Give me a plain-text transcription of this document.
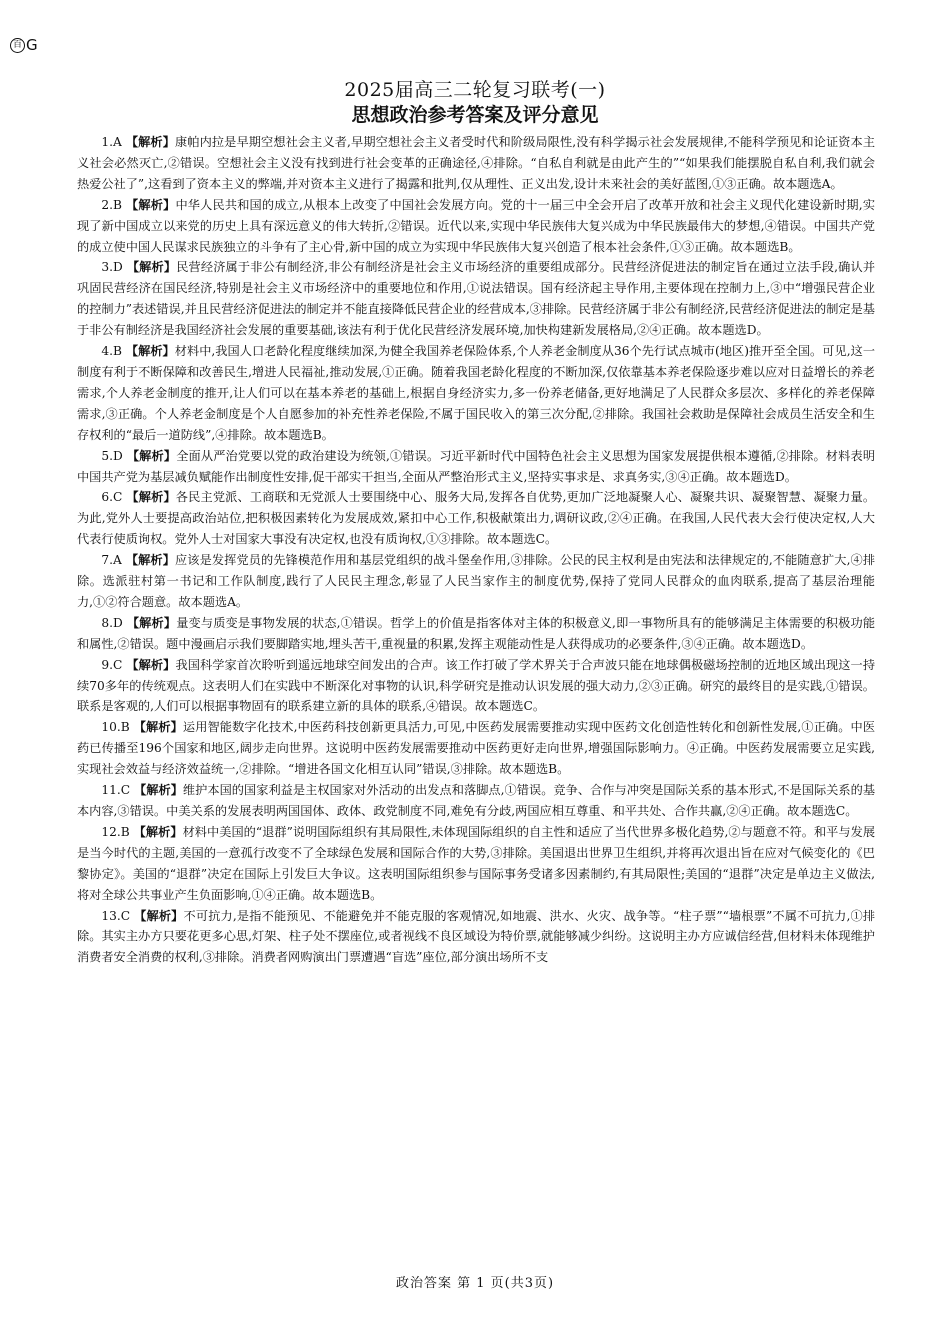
百 G
2025届高三二轮复习联考(一)
思想政治参考答案及评分意见

1.A 【解析】康帕内拉是早期空想社会主义者,早期空想社会主义者受时代和阶级局限性,没有科学揭示社会发展规律,不能科学预见和论证资本主义社会必然灭亡,②错误。空想社会主义没有找到进行社会变革的正确途径,④排除。“自私自利就是由此产生的”“如果我们能摆脱自私自利,我们就会热爱公社了”,这看到了资本主义的弊端,并对资本主义进行了揭露和批判,仅从理性、正义出发,设计未来社会的美好蓝图,①③正确。故本题选A。

2.B 【解析】中华人民共和国的成立,从根本上改变了中国社会发展方向。党的十一届三中全会开启了改革开放和社会主义现代化建设新时期,实现了新中国成立以来党的历史上具有深远意义的伟大转折,②错误。近代以来,实现中华民族伟大复兴成为中华民族最伟大的梦想,④错误。中国共产党的成立使中国人民谋求民族独立的斗争有了主心骨,新中国的成立为实现中华民族伟大复兴创造了根本社会条件,①③正确。故本题选B。

3.D 【解析】民营经济属于非公有制经济,非公有制经济是社会主义市场经济的重要组成部分。民营经济促进法的制定旨在通过立法手段,确认并巩固民营经济在国民经济,特别是社会主义市场经济中的重要地位和作用,①说法错误。国有经济起主导作用,主要体现在控制力上,③中“增强民营企业的控制力”表述错误,并且民营经济促进法的制定并不能直接降低民营企业的经营成本,③排除。民营经济属于非公有制经济,民营经济促进法的制定是基于非公有制经济是我国经济社会发展的重要基础,该法有利于优化民营经济发展环境,加快构建新发展格局,②④正确。故本题选D。

4.B 【解析】材料中,我国人口老龄化程度继续加深,为健全我国养老保险体系,个人养老金制度从36个先行试点城市(地区)推开至全国。可见,这一制度有利于不断保障和改善民生,增进人民福祉,推动发展,①正确。随着我国老龄化程度的不断加深,仅依靠基本养老保险逐步难以应对日益增长的养老需求,个人养老金制度的推开,让人们可以在基本养老的基础上,根据自身经济实力,多一份养老储备,更好地满足了人民群众多层次、多样化的养老保障需求,③正确。个人养老金制度是个人自愿参加的补充性养老保险,不属于国民收入的第三次分配,②排除。我国社会救助是保障社会成员生活安全和生存权利的“最后一道防线”,④排除。故本题选B。

5.D 【解析】全面从严治党要以党的政治建设为统领,①错误。习近平新时代中国特色社会主义思想为国家发展提供根本遵循,②排除。材料表明中国共产党为基层减负赋能作出制度性安排,促干部实干担当,全面从严整治形式主义,坚持实事求是、求真务实,③④正确。故本题选D。

6.C 【解析】各民主党派、工商联和无党派人士要围绕中心、服务大局,发挥各自优势,更加广泛地凝聚人心、凝聚共识、凝聚智慧、凝聚力量。为此,党外人士要提高政治站位,把积极因素转化为发展成效,紧扣中心工作,积极献策出力,调研议政,②④正确。在我国,人民代表大会行使决定权,人大代表行使质询权。党外人士对国家大事没有决定权,也没有质询权,①③排除。故本题选C。

7.A 【解析】应该是发挥党员的先锋模范作用和基层党组织的战斗堡垒作用,③排除。公民的民主权利是由宪法和法律规定的,不能随意扩大,④排除。选派驻村第一书记和工作队制度,践行了人民民主理念,彰显了人民当家作主的制度优势,保持了党同人民群众的血肉联系,提高了基层治理能力,①②符合题意。故本题选A。

8.D 【解析】量变与质变是事物发展的状态,①错误。哲学上的价值是指客体对主体的积极意义,即一事物所具有的能够满足主体需要的积极功能和属性,②错误。题中漫画启示我们要脚踏实地,埋头苦干,重视量的积累,发挥主观能动性是人获得成功的必要条件,③④正确。故本题选D。

9.C 【解析】我国科学家首次聆听到遥远地球空间发出的合声。该工作打破了学术界关于合声波只能在地球偶极磁场控制的近地区域出现这一持续70多年的传统观点。这表明人们在实践中不断深化对事物的认识,科学研究是推动认识发展的强大动力,②③正确。研究的最终目的是实践,①错误。联系是客观的,人们可以根据事物固有的联系建立新的具体的联系,④错误。故本题选C。

10.B 【解析】运用智能数字化技术,中医药科技创新更具活力,可见,中医药发展需要推动实现中医药文化创造性转化和创新性发展,①正确。中医药已传播至196个国家和地区,阔步走向世界。这说明中医药发展需要推动中医药更好走向世界,增强国际影响力。④正确。中医药发展需要立足实践,实现社会效益与经济效益统一,②排除。“增进各国文化相互认同”错误,③排除。故本题选B。

11.C 【解析】维护本国的国家利益是主权国家对外活动的出发点和落脚点,①错误。竞争、合作与冲突是国际关系的基本形式,不是国际关系的基本内容,③错误。中美关系的发展表明两国国体、政体、政党制度不同,难免有分歧,两国应相互尊重、和平共处、合作共赢,②④正确。故本题选C。

12.B 【解析】材料中美国的“退群”说明国际组织有其局限性,未体现国际组织的自主性和适应了当代世界多极化趋势,②与题意不符。和平与发展是当今时代的主题,美国的一意孤行改变不了全球绿色发展和国际合作的大势,③排除。美国退出世界卫生组织,并将再次退出旨在应对气候变化的《巴黎协定》。美国的“退群”决定在国际上引发巨大争议。这表明国际组织参与国际事务受诸多因素制约,有其局限性;美国的“退群”决定是单边主义做法,将对全球公共事业产生负面影响,①④正确。故本题选B。

13.C 【解析】不可抗力,是指不能预见、不能避免并不能克服的客观情况,如地震、洪水、火灾、战争等。“柱子票”“墙根票”不属不可抗力,①排除。其实主办方只要花更多心思,灯架、柱子处不摆座位,或者视线不良区域设为特价票,就能够减少纠纷。这说明主办方应诚信经营,但材料未体现维护消费者安全消费的权利,③排除。消费者网购演出门票遭遇“盲选”座位,部分演出场所不支

政治答案 第 1 页(共3页)
